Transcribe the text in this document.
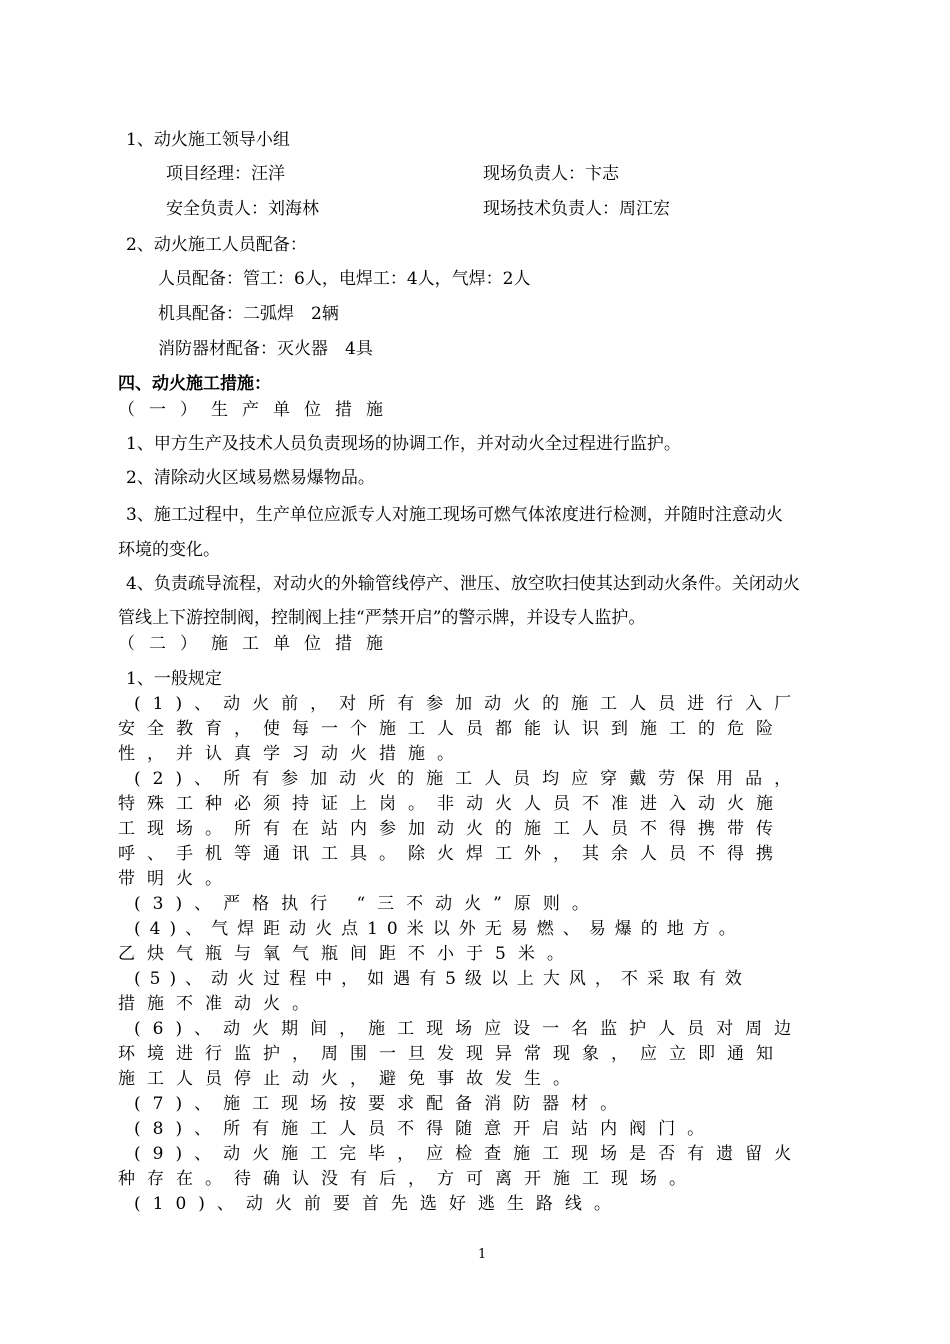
1、动火施工领导小组
项目经理：汪洋	现场负责人：卞志
安全负责人：刘海林	现场技术负责人：周江宏
2、动火施工人员配备：
人员配备：管工：6人，电焊工：4人，气焊：2人
机具配备：二弧焊　2辆
消防器材配备：灭火器　4具
四、动火施工措施：
（一）生产单位措施
1、甲方生产及技术人员负责现场的协调工作，并对动火全过程进行监护。
2、清除动火区域易燃易爆物品。
3、施工过程中，生产单位应派专人对施工现场可燃气体浓度进行检测，并随时注意动火
环境的变化。
4、负责疏导流程，对动火的外输管线停产、泄压、放空吹扫使其达到动火条件。关闭动火
管线上下游控制阀，控制阀上挂“严禁开启”的警示牌，并设专人监护。
（二）施工单位措施
1、一般规定
(1)、动火前，对所有参加动火的施工人员进行入厂
安全教育，使每一个施工人员都能认识到施工的危险
性，并认真学习动火措施。
(2)、所有参加动火的施工人员均应穿戴劳保用品，
特殊工种必须持证上岗。非动火人员不准进入动火施
工现场。所有在站内参加动火的施工人员不得携带传
呼、手机等通讯工具。除火焊工外，其余人员不得携
带明火。
(3)、严格执行 “三不动火”原则。
(4)、气焊距动火点10米以外无易燃、易爆的地方。
乙炔气瓶与氧气瓶间距不小于5米。
(5)、动火过程中，如遇有5级以上大风，不采取有效
措施不准动火。
(6)、动火期间，施工现场应设一名监护人员对周边
环境进行监护，周围一旦发现异常现象，应立即通知
施工人员停止动火，避免事故发生。
(7)、施工现场按要求配备消防器材。
(8)、所有施工人员不得随意开启站内阀门。
(9)、动火施工完毕，应检查施工现场是否有遗留火
种存在。待确认没有后，方可离开施工现场。
(10)、动火前要首先选好逃生路线。
1
